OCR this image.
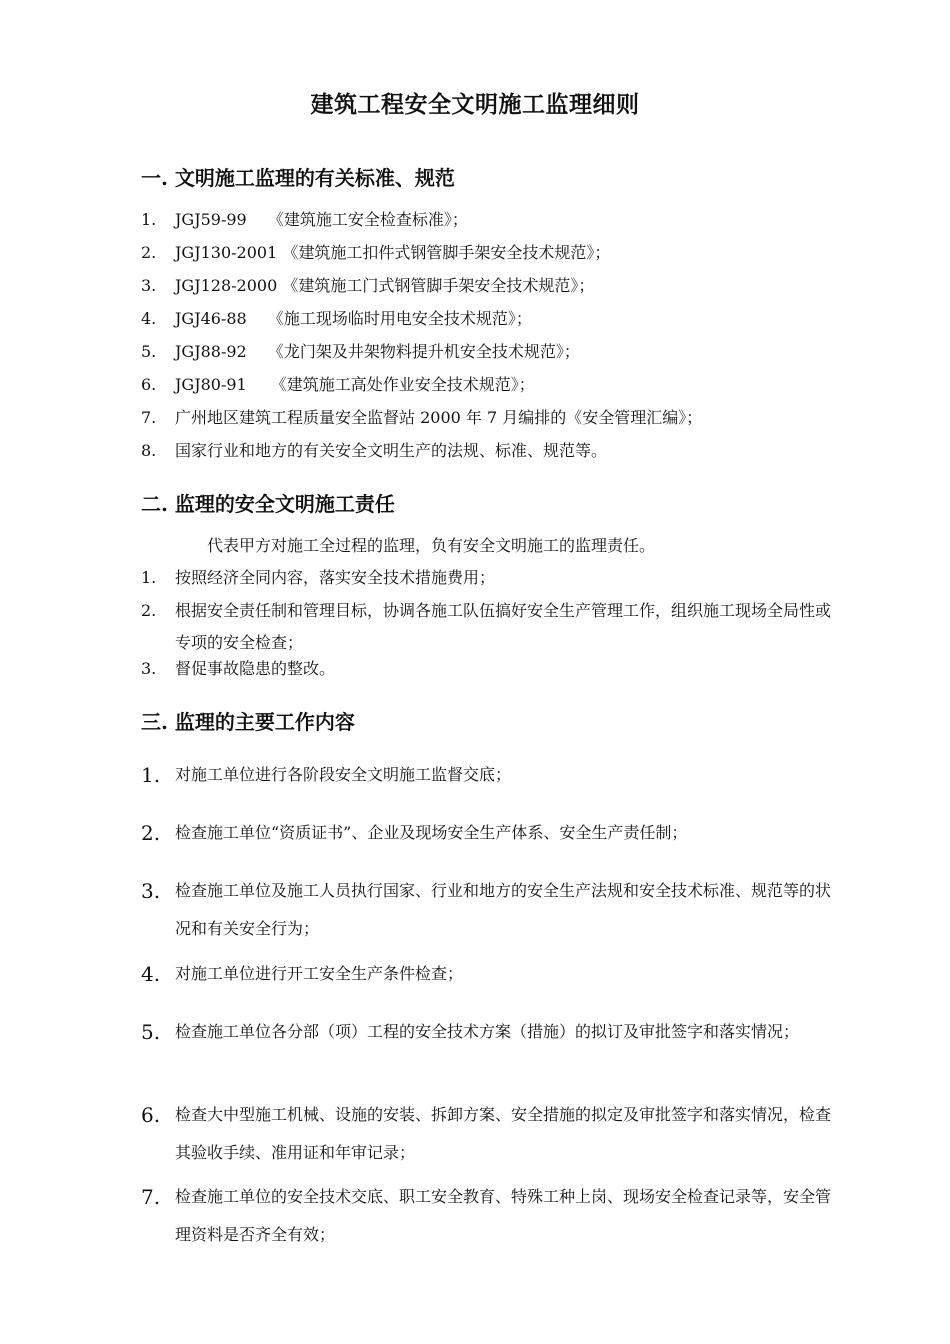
建筑工程安全文明施工监理细则
一. 文明施工监理的有关标准、规范
1. JGJ59-99　 《建筑施工安全检查标准》；
2. JGJ130-2001 《建筑施工扣件式钢管脚手架安全技术规范》；
3. JGJ128-2000 《建筑施工门式钢管脚手架安全技术规范》；
4. JGJ46-88　 《施工现场临时用电安全技术规范》；
5. JGJ88-92　 《龙门架及井架物料提升机安全技术规范》；
6. JGJ80-91　　《建筑施工高处作业安全技术规范》；
7. 广州地区建筑工程质量安全监督站 2000 年 7 月编排的《安全管理汇编》；
8. 国家行业和地方的有关安全文明生产的法规、标准、规范等。
二. 监理的安全文明施工责任
代表甲方对施工全过程的监理，负有安全文明施工的监理责任。
1. 按照经济全同内容，落实安全技术措施费用；
2. 根据安全责任制和管理目标，协调各施工队伍搞好安全生产管理工作，组织施工现场全局性或专项的安全检查；
3. 督促事故隐患的整改。
三. 监理的主要工作内容
1. 对施工单位进行各阶段安全文明施工监督交底；
2. 检查施工单位“资质证书”、企业及现场安全生产体系、安全生产责任制；
3. 检查施工单位及施工人员执行国家、行业和地方的安全生产法规和安全技术标准、规范等的状况和有关安全行为；
4. 对施工单位进行开工安全生产条件检查；
5. 检查施工单位各分部（项）工程的安全技术方案（措施）的拟订及审批签字和落实情况；
6. 检查大中型施工机械、设施的安装、拆卸方案、安全措施的拟定及审批签字和落实情况，检查其验收手续、准用证和年审记录；
7. 检查施工单位的安全技术交底、职工安全教育、特殊工种上岗、现场安全检查记录等，安全管理资料是否齐全有效；
